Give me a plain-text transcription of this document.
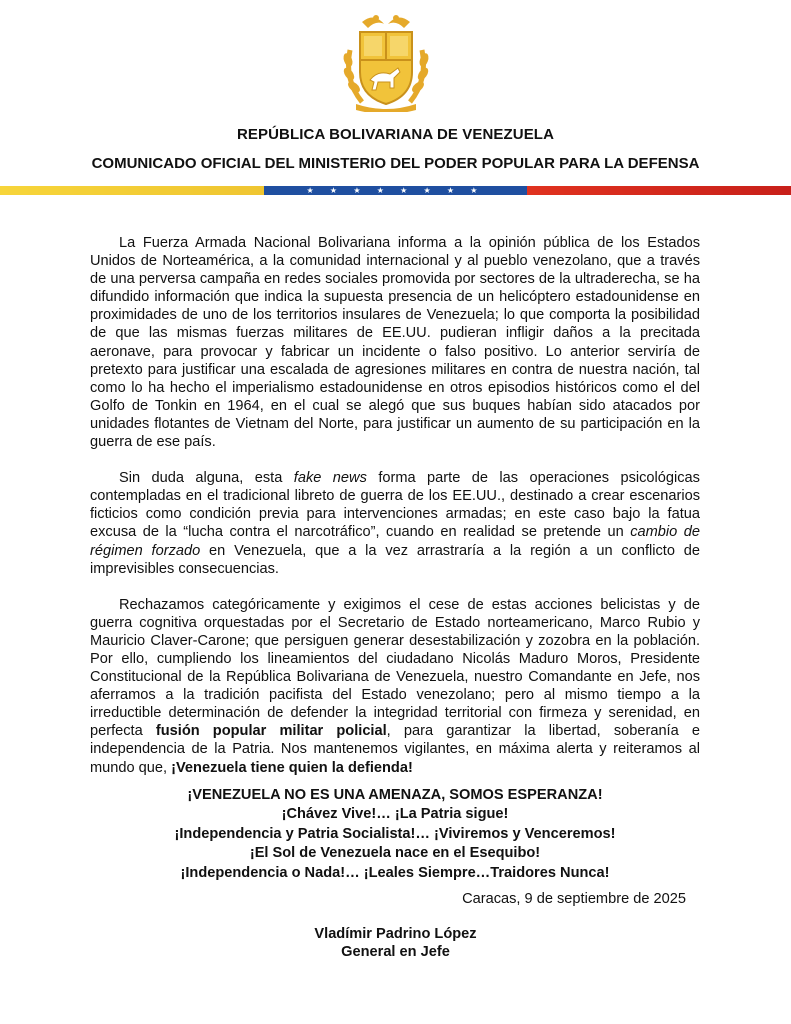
REPÚBLICA BOLIVARIANA DE VENEZUELA
COMUNICADO OFICIAL DEL MINISTERIO DEL PODER POPULAR PARA LA DEFENSA
★ ★ ★ ★ ★ ★ ★ ★

La Fuerza Armada Nacional Bolivariana informa a la opinión pública de los Estados Unidos de Norteamérica, a la comunidad internacional y al pueblo venezolano, que a través de una perversa campaña en redes sociales promovida por sectores de la ultraderecha, se ha difundido información que indica la supuesta presencia de un helicóptero estadounidense en proximidades de uno de los territorios insulares de Venezuela; lo que comporta la posibilidad de que las mismas fuerzas militares de EE.UU. pudieran infligir daños a la precitada aeronave, para provocar y fabricar un incidente o falso positivo. Lo anterior serviría de pretexto para justificar una escalada de agresiones militares en contra de nuestra nación, tal como lo ha hecho el imperialismo estadounidense en otros episodios históricos como el del Golfo de Tonkin en 1964, en el cual se alegó que sus buques habían sido atacados por unidades flotantes de Vietnam del Norte, para justificar un aumento de su participación en la guerra de ese país.

Sin duda alguna, esta fake news forma parte de las operaciones psicológicas contempladas en el tradicional libreto de guerra de los EE.UU., destinado a crear escenarios ficticios como condición previa para intervenciones armadas; en este caso bajo la fatua excusa de la “lucha contra el narcotráfico”, cuando en realidad se pretende un cambio de régimen forzado en Venezuela, que a la vez arrastraría a la región a un conflicto de imprevisibles consecuencias.

Rechazamos categóricamente y exigimos el cese de estas acciones belicistas y de guerra cognitiva orquestadas por el Secretario de Estado norteamericano, Marco Rubio y Mauricio Claver-Carone; que persiguen generar desestabilización y zozobra en la población. Por ello, cumpliendo los lineamientos del ciudadano Nicolás Maduro Moros, Presidente Constitucional de la República Bolivariana de Venezuela, nuestro Comandante en Jefe, nos aferramos a la tradición pacifista del Estado venezolano; pero al mismo tiempo a la irreductible determinación de defender la integridad territorial con firmeza y serenidad, en perfecta fusión popular militar policial, para garantizar la libertad, soberanía e independencia de la Patria. Nos mantenemos vigilantes, en máxima alerta y reiteramos al mundo que, ¡Venezuela tiene quien la defienda!

¡VENEZUELA NO ES UNA AMENAZA, SOMOS ESPERANZA!
¡Chávez Vive!… ¡La Patria sigue!
¡Independencia y Patria Socialista!… ¡Viviremos y Venceremos!
¡El Sol de Venezuela nace en el Esequibo!
¡Independencia o Nada!… ¡Leales Siempre…Traidores Nunca!
Caracas, 9 de septiembre de 2025
Vladímir Padrino López
General en Jefe
